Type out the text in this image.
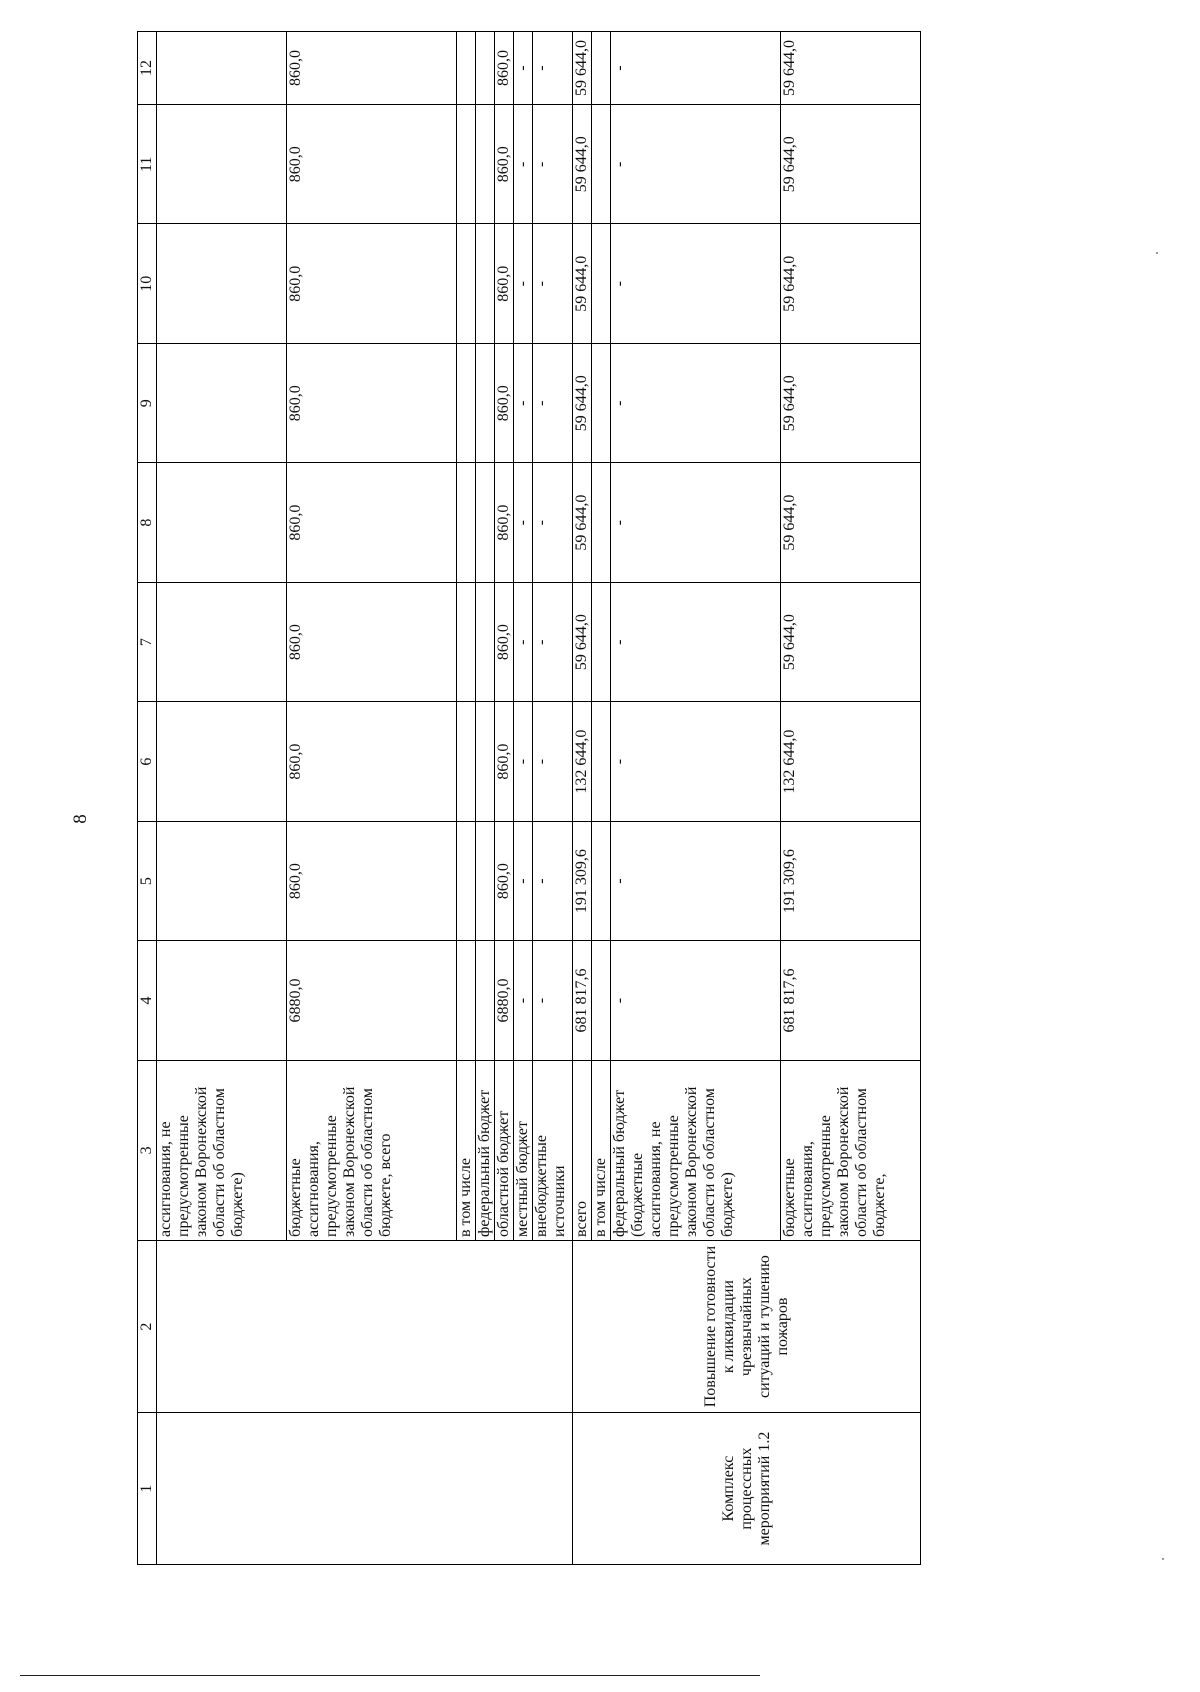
8
1	2	3	4	5	6	7	8	9	10	11	12
		ассигнования, не предусмотренные законом Воронежской области об областном бюджете)									
		бюджетные ассигнования, предусмотренные законом Воронежской области об областном бюджете, всего	6880,0	860,0	860,0	860,0	860,0	860,0	860,0	860,0	860,0
		в том числе									
		федеральный бюджет									
		областной бюджет	6880,0	860,0	860,0	860,0	860,0	860,0	860,0	860,0	860,0
		местный бюджет	-	-	-	-	-	-	-	-	-
		внебюджетные источники	-	-	-	-	-	-	-	-	-
Комплекс процессных мероприятий 1.2	Повышение готовности к ликвидации чрезвычайных ситуаций и тушению пожаров	всего	681 817,6	191 309,6	132 644,0	59 644,0	59 644,0	59 644,0	59 644,0	59 644,0	59 644,0
		в том числе									
		федеральный бюджет (бюджетные ассигнования, не предусмотренные законом Воронежской области об областном бюджете)	-	-	-	-	-	-	-	-	-
		бюджетные ассигнования, предусмотренные законом Воронежской области об областном бюджете,	681 817,6	191 309,6	132 644,0	59 644,0	59 644,0	59 644,0	59 644,0	59 644,0	59 644,0
